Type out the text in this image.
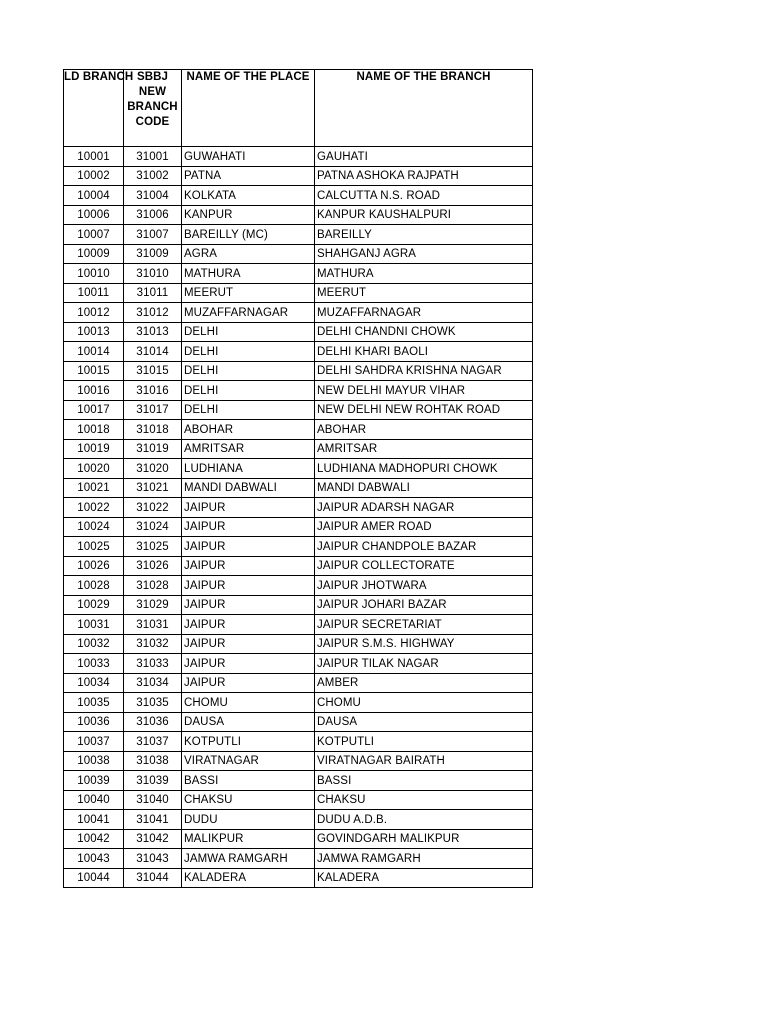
LD BRANCH	SBBJ NEW BRANCH CODE	NAME OF THE PLACE	NAME OF THE BRANCH

10001	31001	GUWAHATI	GAUHATI
10002	31002	PATNA	PATNA ASHOKA RAJPATH
10004	31004	KOLKATA	CALCUTTA N.S. ROAD
10006	31006	KANPUR	KANPUR KAUSHALPURI
10007	31007	BAREILLY (MC)	BAREILLY
10009	31009	AGRA	SHAHGANJ AGRA
10010	31010	MATHURA	MATHURA
10011	31011	MEERUT	MEERUT
10012	31012	MUZAFFARNAGAR	MUZAFFARNAGAR
10013	31013	DELHI	DELHI CHANDNI CHOWK
10014	31014	DELHI	DELHI KHARI BAOLI
10015	31015	DELHI	DELHI SAHDRA KRISHNA NAGAR
10016	31016	DELHI	NEW DELHI MAYUR VIHAR
10017	31017	DELHI	NEW DELHI NEW ROHTAK ROAD
10018	31018	ABOHAR	ABOHAR
10019	31019	AMRITSAR	AMRITSAR
10020	31020	LUDHIANA	LUDHIANA MADHOPURI CHOWK
10021	31021	MANDI DABWALI	MANDI DABWALI
10022	31022	JAIPUR	JAIPUR ADARSH NAGAR
10024	31024	JAIPUR	JAIPUR AMER ROAD
10025	31025	JAIPUR	JAIPUR CHANDPOLE BAZAR
10026	31026	JAIPUR	JAIPUR COLLECTORATE
10028	31028	JAIPUR	JAIPUR JHOTWARA
10029	31029	JAIPUR	JAIPUR JOHARI BAZAR
10031	31031	JAIPUR	JAIPUR SECRETARIAT
10032	31032	JAIPUR	JAIPUR S.M.S. HIGHWAY
10033	31033	JAIPUR	JAIPUR TILAK NAGAR
10034	31034	JAIPUR	AMBER
10035	31035	CHOMU	CHOMU
10036	31036	DAUSA	DAUSA
10037	31037	KOTPUTLI	KOTPUTLI
10038	31038	VIRATNAGAR	VIRATNAGAR BAIRATH
10039	31039	BASSI	BASSI
10040	31040	CHAKSU	CHAKSU
10041	31041	DUDU	DUDU A.D.B.
10042	31042	MALIKPUR	GOVINDGARH MALIKPUR
10043	31043	JAMWA RAMGARH	JAMWA RAMGARH
10044	31044	KALADERA	KALADERA
